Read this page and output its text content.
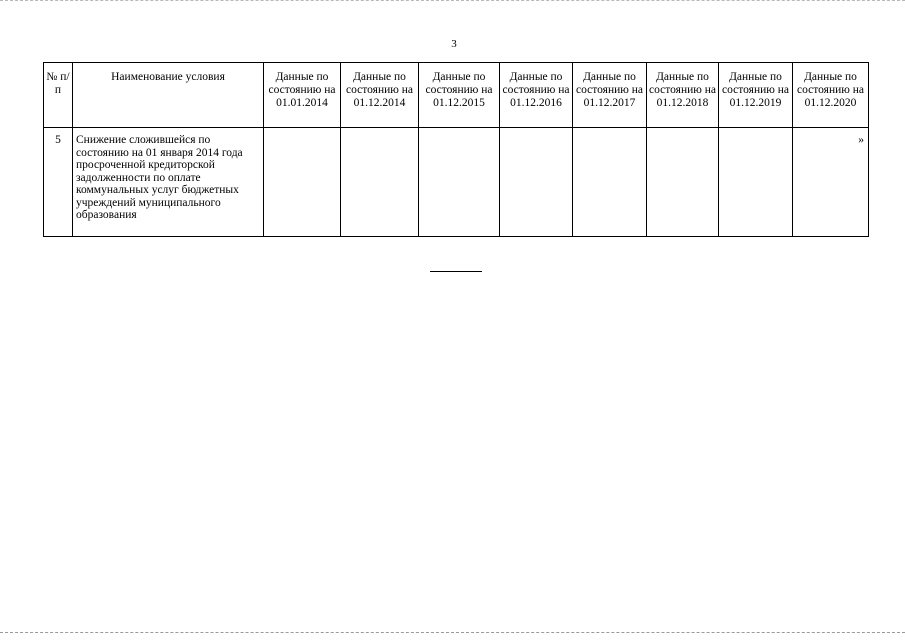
3
№ п/п	Наименование условия	Данные по состоянию на 01.01.2014	Данные по состоянию на 01.12.2014	Данные по состоянию на 01.12.2015	Данные по состоянию на 01.12.2016	Данные по состоянию на 01.12.2017	Данные по состоянию на 01.12.2018	Данные по состоянию на 01.12.2019	Данные по состоянию на 01.12.2020
5	Снижение сложившейся по состоянию на 01 января 2014 года просроченной кредиторской задолженности по оплате коммунальных услуг бюджетных учреждений муниципального образования								»
